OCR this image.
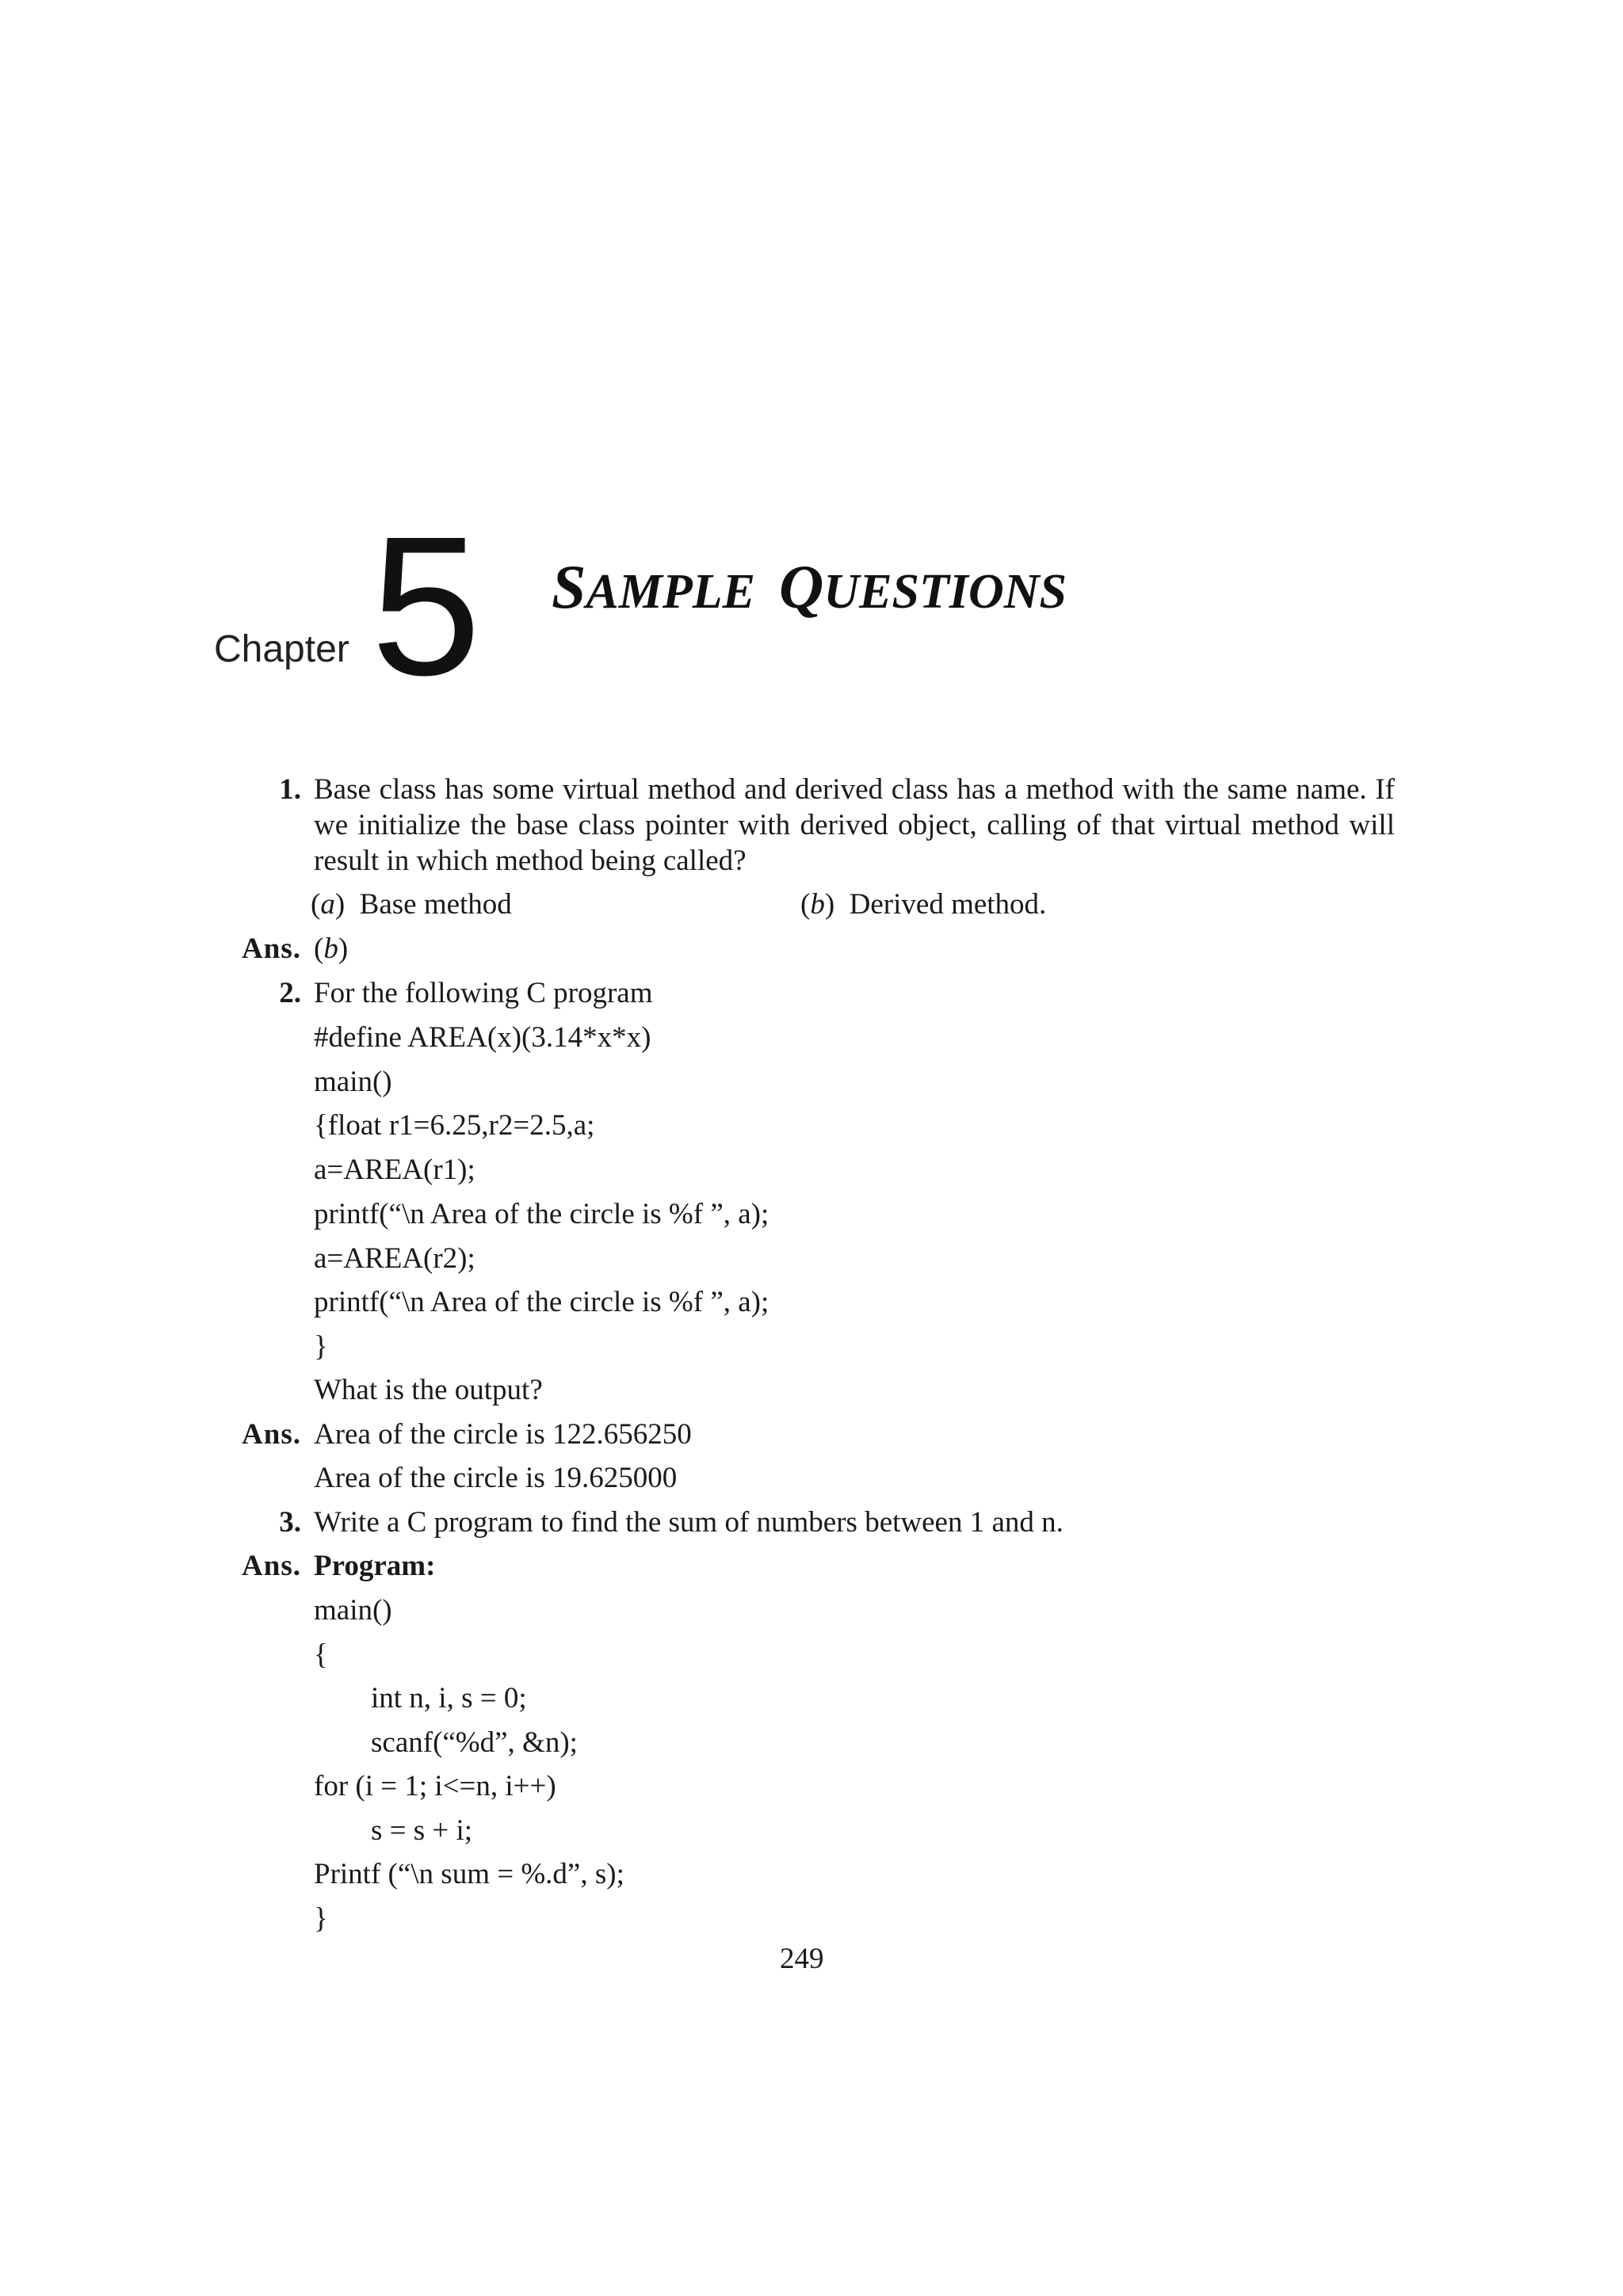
Chapter 5 SAMPLE QUESTIONS
1. Base class has some virtual method and derived class has a method with the same name. If
we initialize the base class pointer with derived object, calling of that virtual method will
result in which method being called?
(a)  Base method	(b)  Derived method.
Ans. (b)
2. For the following C program
#define AREA(x)(3.14*x*x)
main()
{float r1=6.25,r2=2.5,a;
a=AREA(r1);
printf(“\n Area of the circle is %f ”, a);
a=AREA(r2);
printf(“\n Area of the circle is %f ”, a);
}
What is the output?
Ans. Area of the circle is 122.656250
Area of the circle is 19.625000
3. Write a C program to find the sum of numbers between 1 and n.
Ans. Program:
main()
{
int n, i, s = 0;
scanf(“%d”, &n);
for (i = 1; i<=n, i++)
s = s + i;
Printf (“\n sum = %.d”, s);
}
249
